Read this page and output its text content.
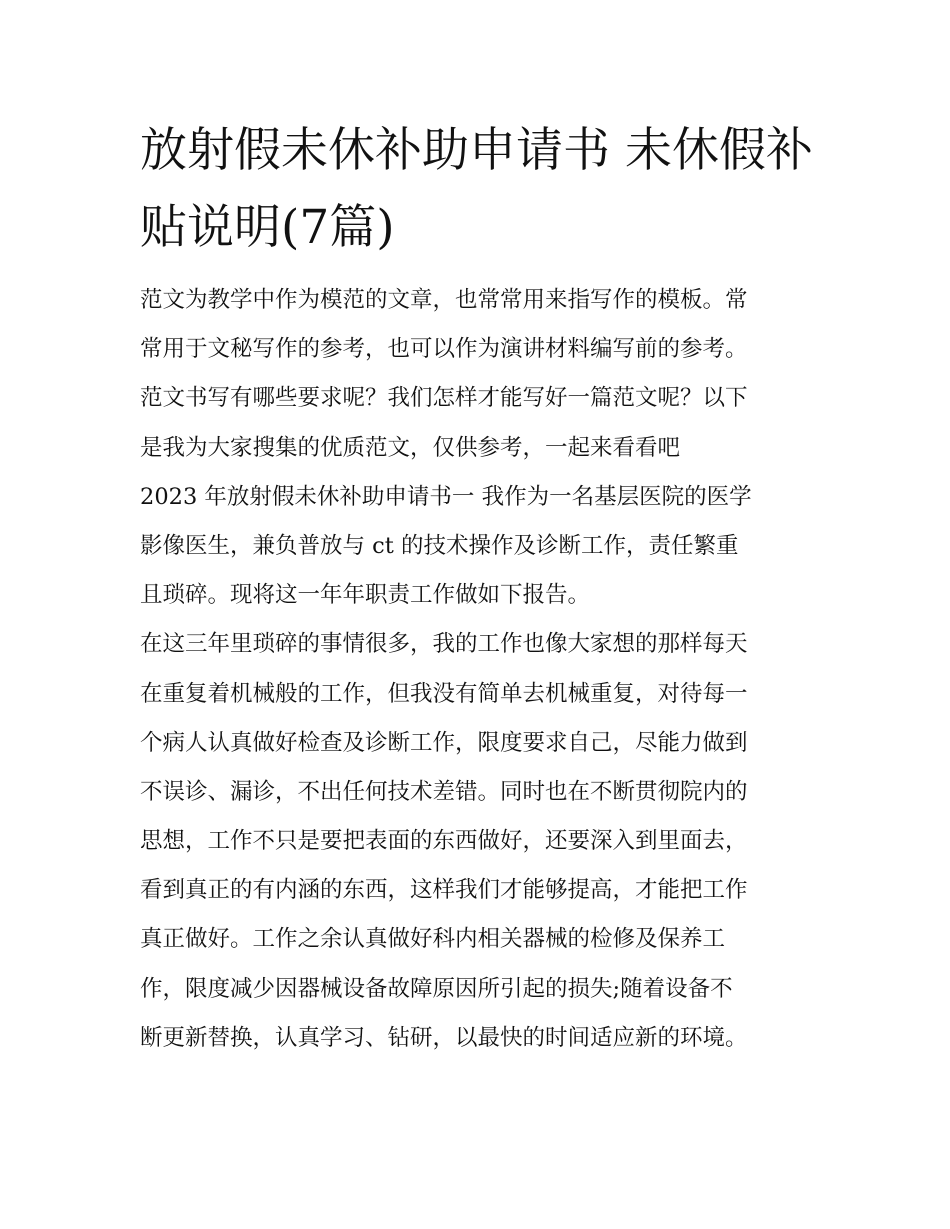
放射假未休补助申请书 未休假补贴说明(7篇)
范文为教学中作为模范的文章，也常常用来指写作的模板。常
常用于文秘写作的参考，也可以作为演讲材料编写前的参考。
范文书写有哪些要求呢？我们怎样才能写好一篇范文呢？以下
是我为大家搜集的优质范文，仅供参考，一起来看看吧
2023 年放射假未休补助申请书一 我作为一名基层医院的医学
影像医生，兼负普放与 ct 的技术操作及诊断工作，责任繁重
且琐碎。现将这一年年职责工作做如下报告。
在这三年里琐碎的事情很多，我的工作也像大家想的那样每天
在重复着机械般的工作，但我没有简单去机械重复，对待每一
个病人认真做好检查及诊断工作，限度要求自己，尽能力做到
不误诊、漏诊，不出任何技术差错。同时也在不断贯彻院内的
思想，工作不只是要把表面的东西做好，还要深入到里面去，
看到真正的有内涵的东西，这样我们才能够提高，才能把工作
真正做好。工作之余认真做好科内相关器械的检修及保养工
作，限度减少因器械设备故障原因所引起的损失;随着设备不
断更新替换，认真学习、钻研，以最快的时间适应新的环境。
